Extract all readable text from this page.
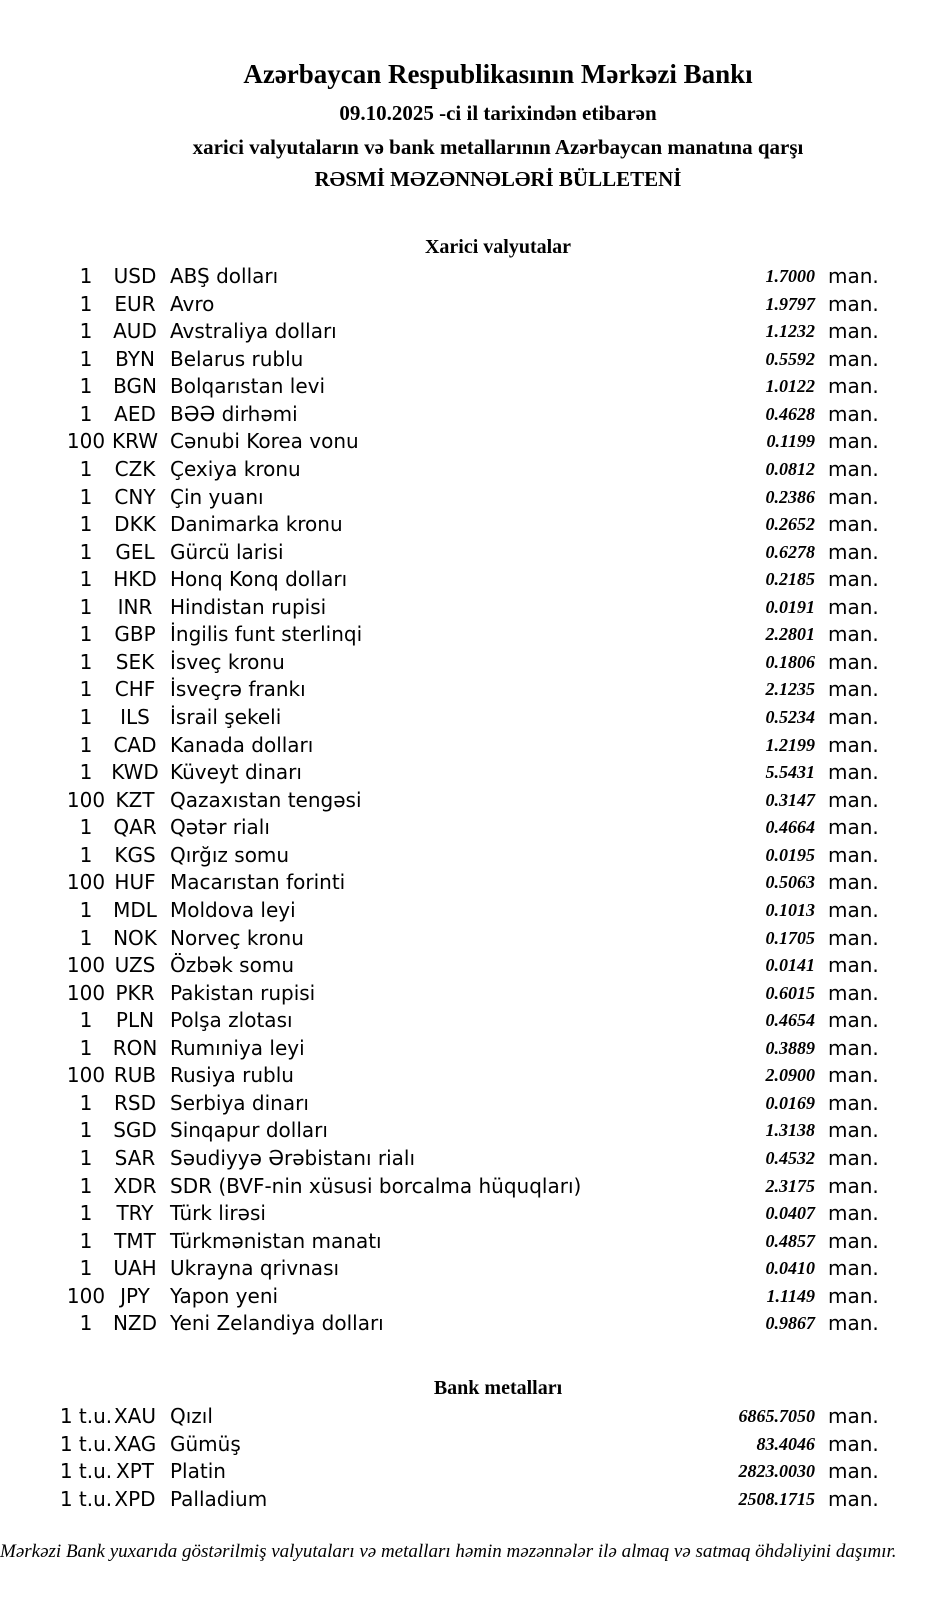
Azərbaycan Respublikasının Mərkəzi Bankı
09.10.2025 -ci il tarixindən etibarən
xarici valyutaların və bank metallarının Azərbaycan manatına qarşı
RƏSMİ MƏZƏNNƏLƏRİ BÜLLETENİ
Xarici valyutalar
1	USD ABŞ dolları	1.7000 man.
1	EUR Avro	1.9797 man.
1	AUD Avstraliya dolları	1.1232 man.
1	BYN Belarus rublu	0.5592 man.
1	BGN Bolqarıstan levi	1.0122 man.
1	AED BƏƏ dirhəmi	0.4628 man.
100 KRW Cənubi Korea vonu	0.1199 man.
1	CZK Çexiya kronu	0.0812 man.
1	CNY Çin yuanı	0.2386 man.
1	DKK Danimarka kronu	0.2652 man.
1	GEL Gürcü larisi	0.6278 man.
1	HKD Honq Konq dolları	0.2185 man.
1	INR Hindistan rupisi	0.0191 man.
1	GBP İngilis funt sterlinqi	2.2801 man.
1	SEK İsveç kronu	0.1806 man.
1	CHF İsveçrə frankı	2.1235 man.
1	ILS	İsrail şekeli	0.5234 man.
1	CAD Kanada dolları	1.2199 man.
1 KWD Küveyt dinarı	5.5431 man.
100 KZT Qazaxıstan tengəsi	0.3147 man.
1	QAR Qətər rialı	0.4664 man.
1	KGS Qırğız somu	0.0195 man.
100 HUF Macarıstan forinti	0.5063 man.
1	MDL Moldova leyi	0.1013 man.
1	NOK Norveç kronu	0.1705 man.
100 UZS Özbək somu	0.0141 man.
100 PKR Pakistan rupisi	0.6015 man.
1	PLN Polşa zlotası	0.4654 man.
1	RON Rumıniya leyi	0.3889 man.
100 RUB Rusiya rublu	2.0900 man.
1	RSD Serbiya dinarı	0.0169 man.
1	SGD Sinqapur dolları	1.3138 man.
1	SAR Səudiyyə Ərəbistanı rialı	0.4532 man.
1	XDR SDR (BVF-nin xüsusi borcalma hüquqları)	2.3175 man.
1	TRY Türk lirəsi	0.0407 man.
1	TMT Türkmənistan manatı	0.4857 man.
1	UAH Ukrayna qrivnası	0.0410 man.
100 JPY	Yapon yeni	1.1149 man.
1	NZD Yeni Zelandiya dolları	0.9867 man.
Bank metalları
1 t.u. XAU Qızıl	6865.7050 man.
1 t.u. XAG Gümüş	83.4046 man.
1 t.u. XPT Platin	2823.0030 man.
1 t.u. XPD Palladium	2508.1715 man.
Mərkəzi Bank yuxarıda göstərilmiş valyutaları və metalları həmin məzənnələr ilə almaq və satmaq öhdəliyini daşımır.
